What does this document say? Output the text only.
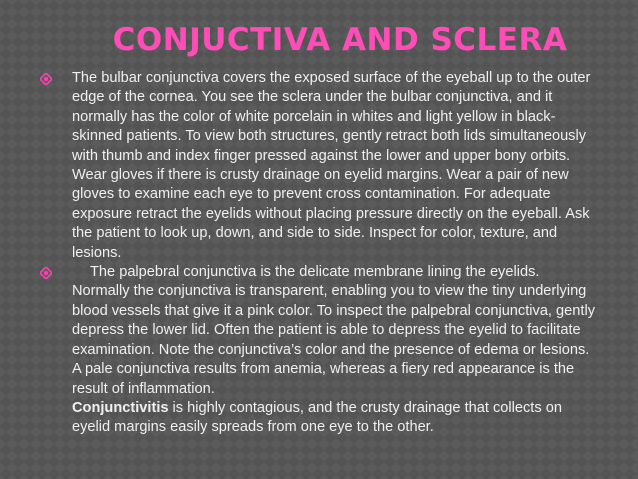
CONJUCTIVA AND SCLERA

The bulbar conjunctiva covers the exposed surface of the eyeball up to the outer edge of the cornea. You see the sclera under the bulbar conjunctiva, and it normally has the color of white porcelain in whites and light yellow in black-skinned patients. To view both structures, gently retract both lids simultaneously with thumb and index finger pressed against the lower and upper bony orbits. Wear gloves if there is crusty drainage on eyelid margins. Wear a pair of new gloves to examine each eye to prevent cross contamination. For adequate exposure retract the eyelids without placing pressure directly on the eyeball. Ask the patient to look up, down, and side to side. Inspect for color, texture, and lesions.

The palpebral conjunctiva is the delicate membrane lining the eyelids. Normally the conjunctiva is transparent, enabling you to view the tiny underlying blood vessels that give it a pink color. To inspect the palpebral conjunctiva, gently depress the lower lid. Often the patient is able to depress the eyelid to facilitate examination. Note the conjunctiva’s color and the presence of edema or lesions. A pale conjunctiva results from anemia, whereas a fiery red appearance is the result of inflammation.
Conjunctivitis is highly contagious, and the crusty drainage that collects on eyelid margins easily spreads from one eye to the other.
